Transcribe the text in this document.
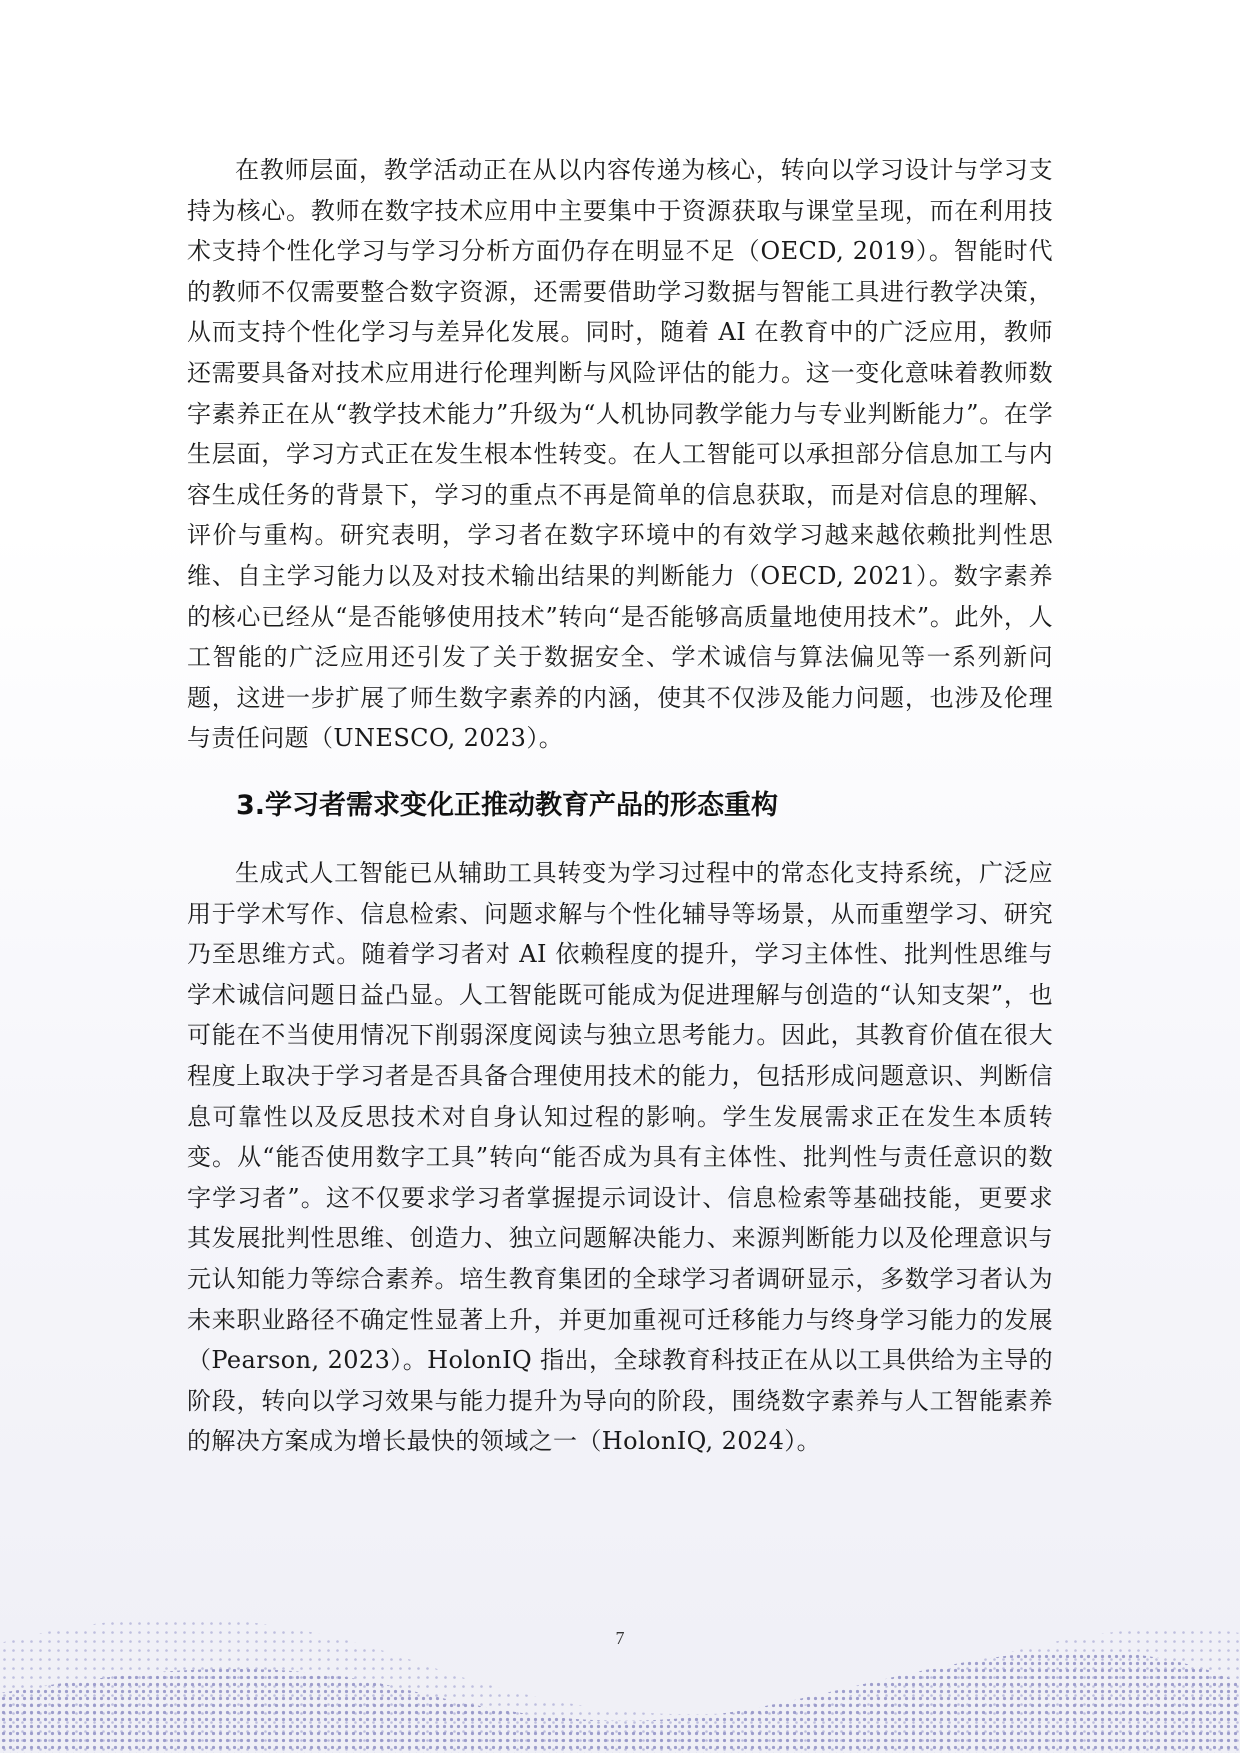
在教师层面，教学活动正在从以内容传递为核心，转向以学习设计与学习支持为核心。教师在数字技术应用中主要集中于资源获取与课堂呈现，而在利用技术支持个性化学习与学习分析方面仍存在明显不足（OECD, 2019）。智能时代的教师不仅需要整合数字资源，还需要借助学习数据与智能工具进行教学决策，从而支持个性化学习与差异化发展。同时，随着 AI 在教育中的广泛应用，教师还需要具备对技术应用进行伦理判断与风险评估的能力。这一变化意味着教师数字素养正在从“教学技术能力”升级为“人机协同教学能力与专业判断能力”。在学生层面，学习方式正在发生根本性转变。在人工智能可以承担部分信息加工与内容生成任务的背景下，学习的重点不再是简单的信息获取，而是对信息的理解、评价与重构。研究表明，学习者在数字环境中的有效学习越来越依赖批判性思维、自主学习能力以及对技术输出结果的判断能力（OECD, 2021）。数字素养的核心已经从“是否能够使用技术”转向“是否能够高质量地使用技术”。此外，人工智能的广泛应用还引发了关于数据安全、学术诚信与算法偏见等一系列新问题，这进一步扩展了师生数字素养的内涵，使其不仅涉及能力问题，也涉及伦理与责任问题（UNESCO, 2023）。

3.学习者需求变化正推动教育产品的形态重构

生成式人工智能已从辅助工具转变为学习过程中的常态化支持系统，广泛应用于学术写作、信息检索、问题求解与个性化辅导等场景，从而重塑学习、研究乃至思维方式。随着学习者对 AI 依赖程度的提升，学习主体性、批判性思维与学术诚信问题日益凸显。人工智能既可能成为促进理解与创造的“认知支架”，也可能在不当使用情况下削弱深度阅读与独立思考能力。因此，其教育价值在很大程度上取决于学习者是否具备合理使用技术的能力，包括形成问题意识、判断信息可靠性以及反思技术对自身认知过程的影响。学生发展需求正在发生本质转变。从“能否使用数字工具”转向“能否成为具有主体性、批判性与责任意识的数字学习者”。这不仅要求学习者掌握提示词设计、信息检索等基础技能，更要求其发展批判性思维、创造力、独立问题解决能力、来源判断能力以及伦理意识与元认知能力等综合素养。培生教育集团的全球学习者调研显示，多数学习者认为未来职业路径不确定性显著上升，并更加重视可迁移能力与终身学习能力的发展（Pearson, 2023）。HolonIQ 指出，全球教育科技正在从以工具供给为主导的阶段，转向以学习效果与能力提升为导向的阶段，围绕数字素养与人工智能素养的解决方案成为增长最快的领域之一（HolonIQ, 2024）。

7
